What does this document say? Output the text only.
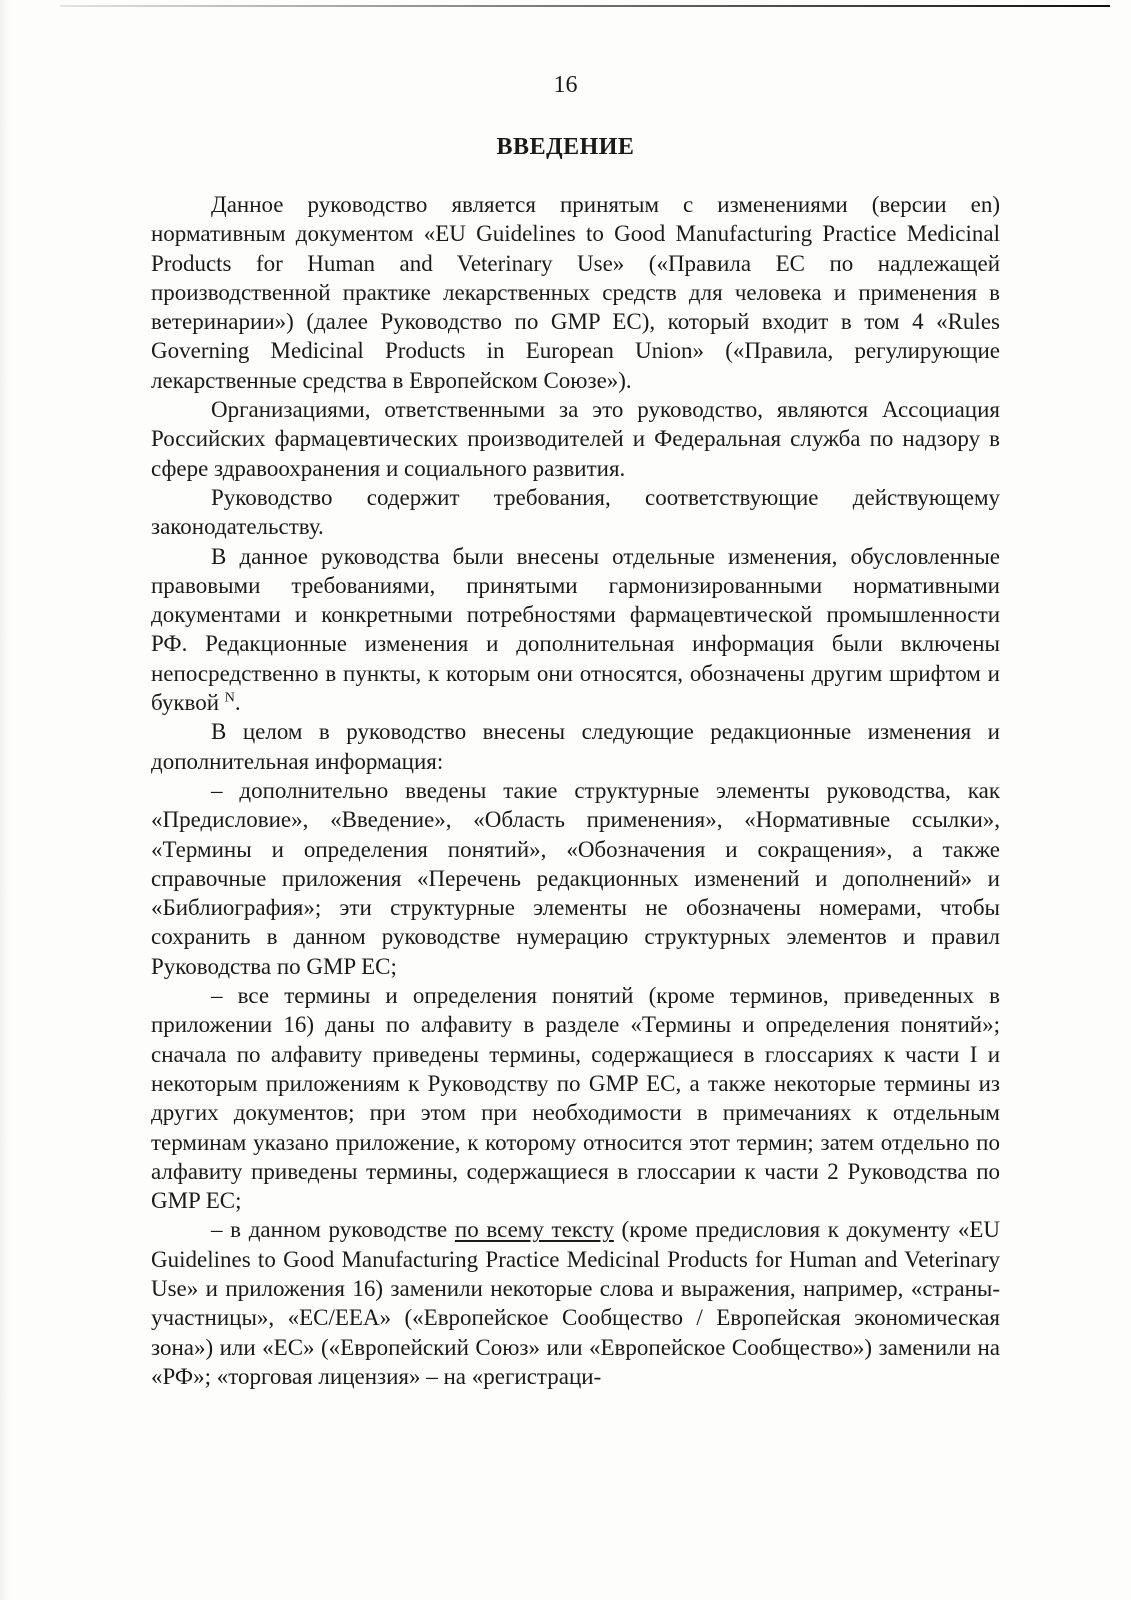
16
ВВЕДЕНИЕ

Данное руководство является принятым с изменениями (версии en) нормативным документом «EU Guidelines to Good Manufacturing Practice Medicinal Products for Human and Veterinary Use» («Правила ЕС по надлежащей производственной практике лекарственных средств для человека и применения в ветеринарии») (далее Руководство по GMP ЕС), который входит в том 4 «Rules Governing Medicinal Products in European Union» («Правила, регулирующие лекарственные средства в Европейском Союзе»).

Организациями, ответственными за это руководство, являются Ассоциация Российских фармацевтических производителей и Федеральная служба по надзору в сфере здравоохранения и социального развития.

Руководство содержит требования, соответствующие действующему законодательству.

В данное руководства были внесены отдельные изменения, обусловленные правовыми требованиями, принятыми гармонизированными нормативными документами и конкретными потребностями фармацевтической промышленности РФ. Редакционные изменения и дополнительная информация были включены непосредственно в пункты, к которым они относятся, обозначены другим шрифтом и буквой $^N$.

В целом в руководство внесены следующие редакционные изменения и дополнительная информация:

– дополнительно введены такие структурные элементы руководства, как «Предисловие», «Введение», «Область применения», «Нормативные ссылки», «Термины и определения понятий», «Обозначения и сокращения», а также справочные приложения «Перечень редакционных изменений и дополнений» и «Библиография»; эти структурные элементы не обозначены номерами, чтобы сохранить в данном руководстве нумерацию структурных элементов и правил Руководства по GMP ЕС;

– все термины и определения понятий (кроме терминов, приведенных в приложении 16) даны по алфавиту в разделе «Термины и определения понятий»; сначала по алфавиту приведены термины, содержащиеся в глоссариях к части I и некоторым приложениям к Руководству по GMP ЕС, а также некоторые термины из других документов; при этом при необходимости в примечаниях к отдельным терминам указано приложение, к которому относится этот термин; затем отдельно по алфавиту приведены термины, содержащиеся в глоссарии к части 2 Руководства по GMP ЕС;

– в данном руководстве по всему тексту (кроме предисловия к документу «EU Guidelines to Good Manufacturing Practice Medicinal Products for Human and Veterinary Use» и приложения 16) заменили некоторые слова и выражения, например, «страны-участницы», «ЕС/ЕЕА» («Европейское Сообщество / Европейская экономическая зона») или «ЕС» («Европейский Союз» или «Европейское Сообщество») заменили на «РФ»; «торговая лицензия» – на «регистраци-
